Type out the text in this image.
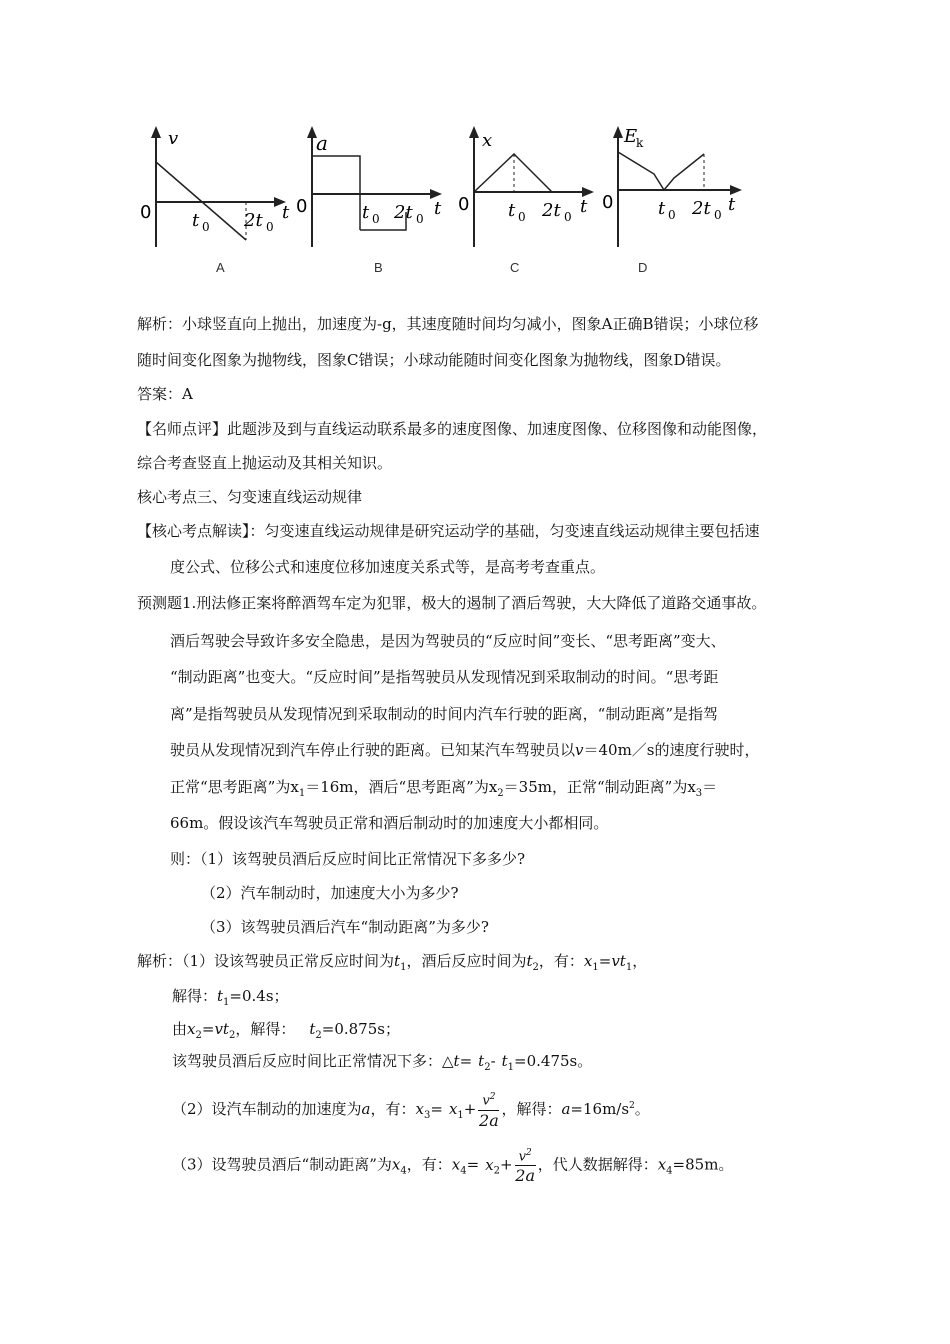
v
0 t 0 2t 0
t
A
a
0	t 0 2t 0 t
B
x
0 t 0 2t 0 t
C
E
k
0 t 0 2t 0 t
D
解析：小球竖直向上抛出，加速度为-g，其速度随时间均匀减小，图象A正确B错误；小球位移
随时间变化图象为抛物线，图象C错误；小球动能随时间变化图象为抛物线，图象D错误。
答案：A
【名师点评】此题涉及到与直线运动联系最多的速度图像、加速度图像、位移图像和动能图像，
综合考查竖直上抛运动及其相关知识。
核心考点三、匀变速直线运动规律
【核心考点解读】：匀变速直线运动规律是研究运动学的基础，匀变速直线运动规律主要包括速
度公式、位移公式和速度位移加速度关系式等，是高考考查重点。
预测题1.刑法修正案将醉酒驾车定为犯罪，极大的遏制了酒后驾驶，大大降低了道路交通事故。
酒后驾驶会导致许多安全隐患，是因为驾驶员的“反应时间”变长、“思考距离”变大、
“制动距离”也变大。“反应时间”是指驾驶员从发现情况到采取制动的时间。“思考距
离”是指驾驶员从发现情况到采取制动的时间内汽车行驶的距离，“制动距离”是指驾
驶员从发现情况到汽车停止行驶的距离。已知某汽车驾驶员以v＝40m／s的速度行驶时，
正常“思考距离”为$x_1=16m$，酒后“思考距离”为$x_2=35m$，正常“制动距离”为$x_3=$
66m。假设该汽车驾驶员正常和酒后制动时的加速度大小都相同。
则：（1）该驾驶员酒后反应时间比正常情况下多多少?
（2）汽车制动时，加速度大小为多少?
（3）该驾驶员酒后汽车“制动距离”为多少?
解析：（1）设该驾驶员正常反应时间为$t_1$，酒后反应时间为$t_2$，有：$x_1=vt_1$，
解得：$t_1=0.4s$；
由$x_2=vt_2$，解得： $t_2=0.875s$；
该驾驶员酒后反应时间比正常情况下多：△t= $t_2-$ $t_1=0.475s$。
（2）设汽车制动的加速度为a，有：$x_3= x_1+ \frac{v^2}{2a}$ ，解得：$a=16m/s^2$。
（3）设驾驶员酒后“制动距离”为$x_4$，有：$x_4= x_2+ \frac{v^2}{2a}$ ，代人数据解得：$x_4=85m$。
